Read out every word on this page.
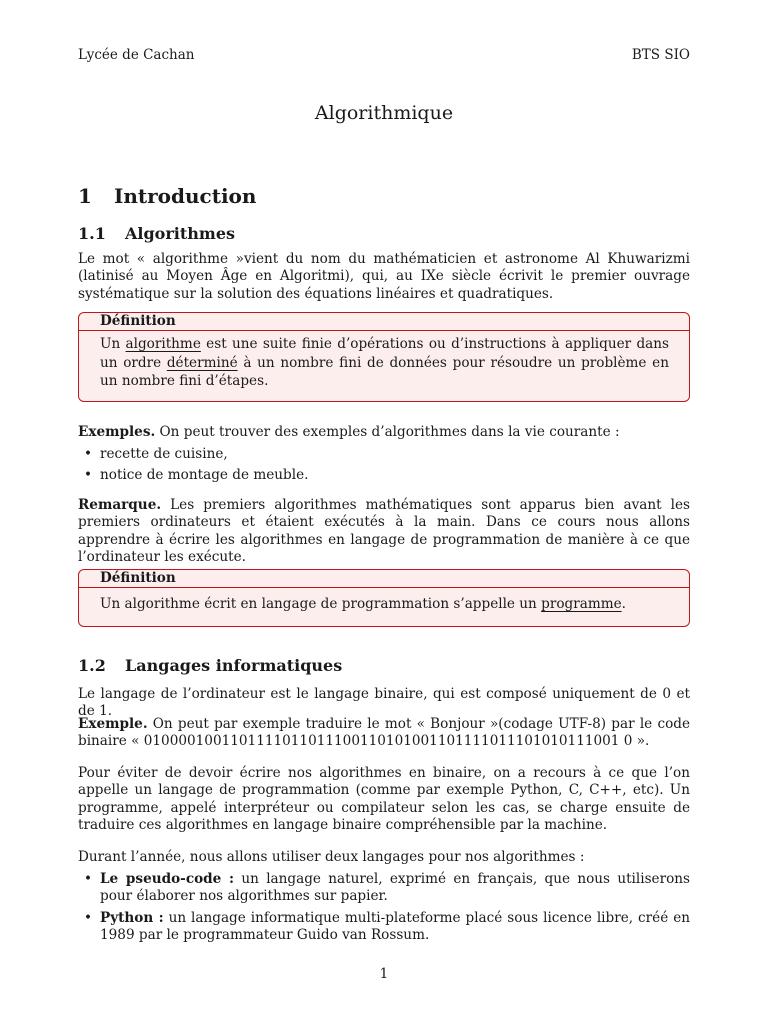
Lycée de Cachan	BTS SIO
Algorithmique
1 Introduction
1.1 Algorithmes

Le mot « algorithme »vient du nom du mathématicien et astronome Al Khuwarizmi (latinisé au Moyen Âge en Algoritmi), qui, au IXe siècle écrivit le premier ouvrage systématique sur la solution des équations linéaires et quadratiques.

Définition
Un algorithme est une suite finie d’opérations ou d’instructions à appliquer dans un ordre déterminé à un nombre fini de données pour résoudre un problème en un nombre fini d’étapes.

Exemples. On peut trouver des exemples d’algorithmes dans la vie courante :

• recette de cuisine,
• notice de montage de meuble.

Remarque. Les premiers algorithmes mathématiques sont apparus bien avant les premiers ordinateurs et étaient exécutés à la main. Dans ce cours nous allons apprendre à écrire les algorithmes en langage de programmation de manière à ce que l’ordinateur les exécute.

Définition
Un algorithme écrit en langage de programmation s’appelle un programme.
1.2 Langages informatiques

Le langage de l’ordinateur est le langage binaire, qui est composé uniquement de 0 et de 1.

Exemple. On peut par exemple traduire le mot « Bonjour »(codage UTF-8) par le code binaire « 0100001001101111011011100110101001101111011101010111001 0 ».

Pour éviter de devoir écrire nos algorithmes en binaire, on a recours à ce que l’on appelle un langage de programmation (comme par exemple Python, C, C++, etc). Un programme, appelé interpréteur ou compilateur selon les cas, se charge ensuite de traduire ces algorithmes en langage binaire compréhensible par la machine.

Durant l’année, nous allons utiliser deux langages pour nos algorithmes :

• Le pseudo-code : un langage naturel, exprimé en français, que nous utiliserons pour élaborer nos algorithmes sur papier.
• Python : un langage informatique multi-plateforme placé sous licence libre, créé en 1989 par le programmateur Guido van Rossum.
1
